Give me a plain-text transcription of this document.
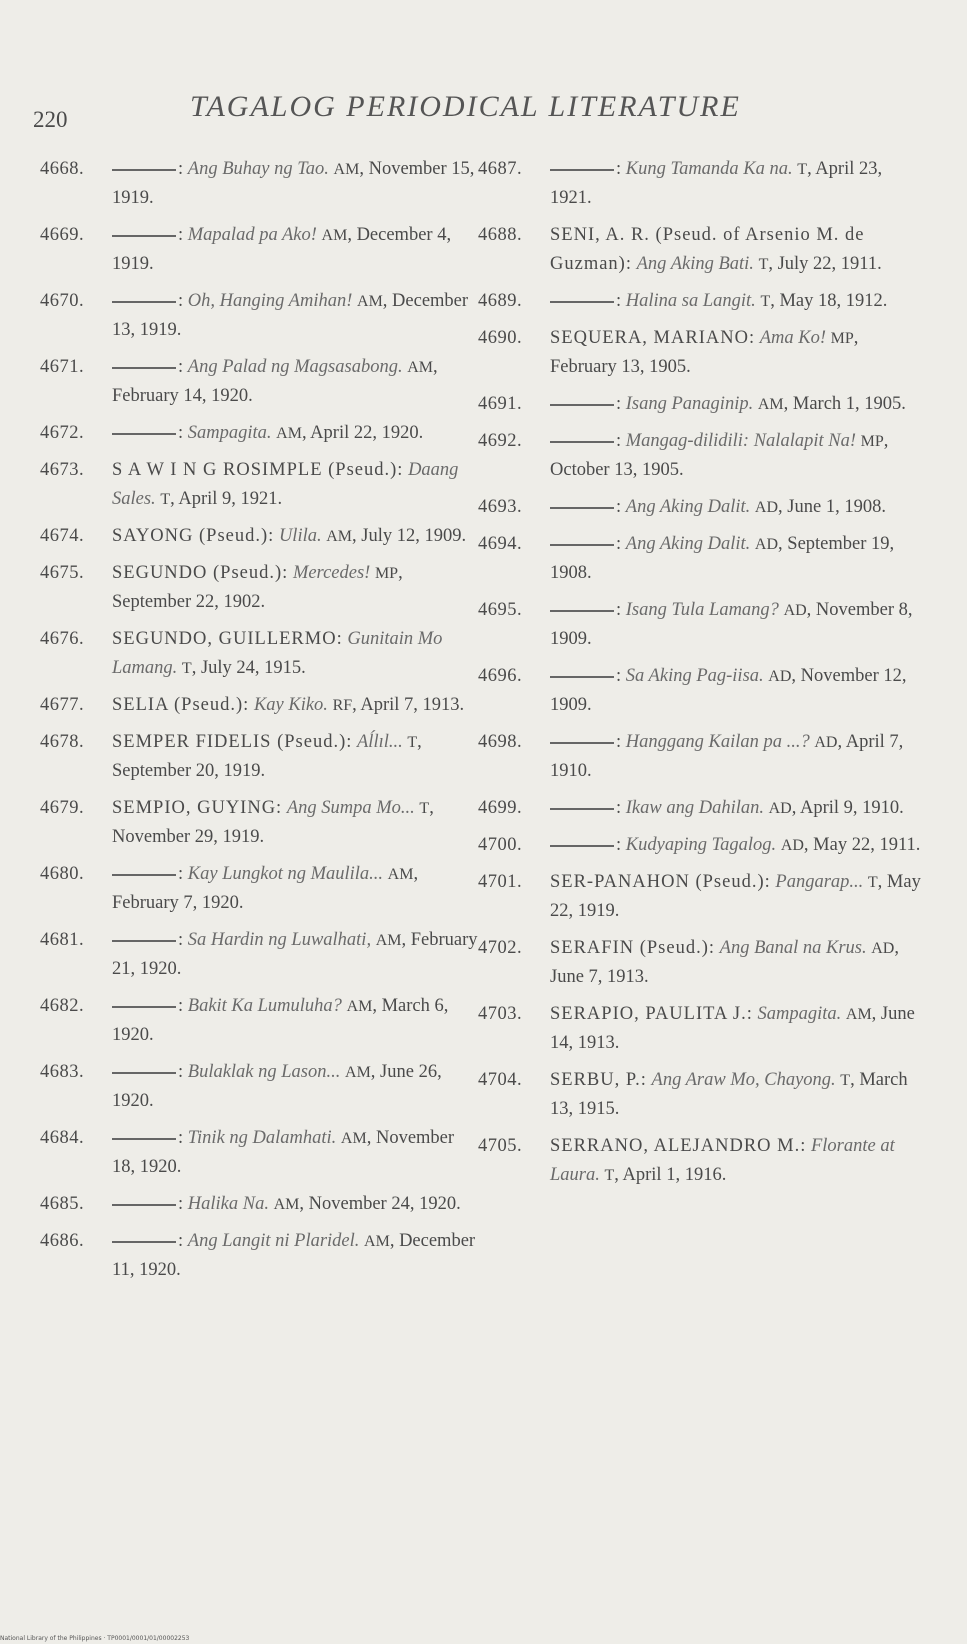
220	TAGALOG PERIODICAL LITERATURE
4668.	: Ang Buhay ng Tao. AM, November 15, 1919.
4669.	: Mapalad pa Ako! AM, December 4, 1919.
4670.	: Oh, Hanging Amihan! AM, December 13, 1919.
4671.	: Ang Palad ng Magsasabong. AM, February 14, 1920.
4672.	: Sampagita. AM, April 22, 1920.
4673.	S A W I N G ROSIMPLE (Pseud.): Daang Sales. T, April 9, 1921.
4674.	SAYONG (Pseud.): Ulila. AM, July 12, 1909.
4675.	SEGUNDO (Pseud.): Mercedes! MP, September 22, 1902.
4676.	SEGUNDO, GUILLERMO: Gunitain Mo Lamang. T, July 24, 1915.
4677.	SELIA (Pseud.): Kay Kiko. RF, April 7, 1913.
4678.	SEMPER FIDELIS (Pseud.): Aĺlıl... T, September 20, 1919.
4679.	SEMPIO, GUYING: Ang Sumpa Mo... T, November 29, 1919.
4680.	: Kay Lungkot ng Maulila... AM, February 7, 1920.
4681.	: Sa Hardin ng Luwalhati, AM, February 21, 1920.
4682.	: Bakit Ka Lumuluha? AM, March 6, 1920.
4683.	: Bulaklak ng Lason... AM, June 26, 1920.
4684.	: Tinik ng Dalamhati. AM, November 18, 1920.
4685.	: Halika Na. AM, November 24, 1920.
4686.	: Ang Langit ni Plaridel. AM, December 11, 1920.
4687.	: Kung Tamanda Ka na. T, April 23, 1921.
4688.	SENI, A. R. (Pseud. of Arsenio M. de Guzman): Ang Aking Bati. T, July 22, 1911.
4689.	: Halina sa Langit. T, May 18, 1912.
4690.	SEQUERA, MARIANO: Ama Ko! MP, February 13, 1905.
4691.	: Isang Panaginip. AM, March 1, 1905.
4692.	: Mangag-dilidili: Nalalapit Na! MP, October 13, 1905.
4693.	: Ang Aking Dalit. AD, June 1, 1908.
4694.	: Ang Aking Dalit. AD, September 19, 1908.
4695.	: Isang Tula Lamang? AD, November 8, 1909.
4696.	: Sa Aking Pag-iisa. AD, November 12, 1909.
4698.	: Hanggang Kailan pa ...? AD, April 7, 1910.
4699.	: Ikaw ang Dahilan. AD, April 9, 1910.
4700.	: Kudyaping Tagalog. AD, May 22, 1911.
4701.	SER-PANAHON (Pseud.): Pangarap... T, May 22, 1919.
4702.	SERAFIN (Pseud.): Ang Banal na Krus. AD, June 7, 1913.
4703.	SERAPIO, PAULITA J.: Sampagita. AM, June 14, 1913.
4704.	SERBU, P.: Ang Araw Mo, Chayong. T, March 13, 1915.
4705.	SERRANO, ALEJANDRO M.: Florante at Laura. T, April 1, 1916.
National Library of the Philippines · TP0001/0001/01/00002253
